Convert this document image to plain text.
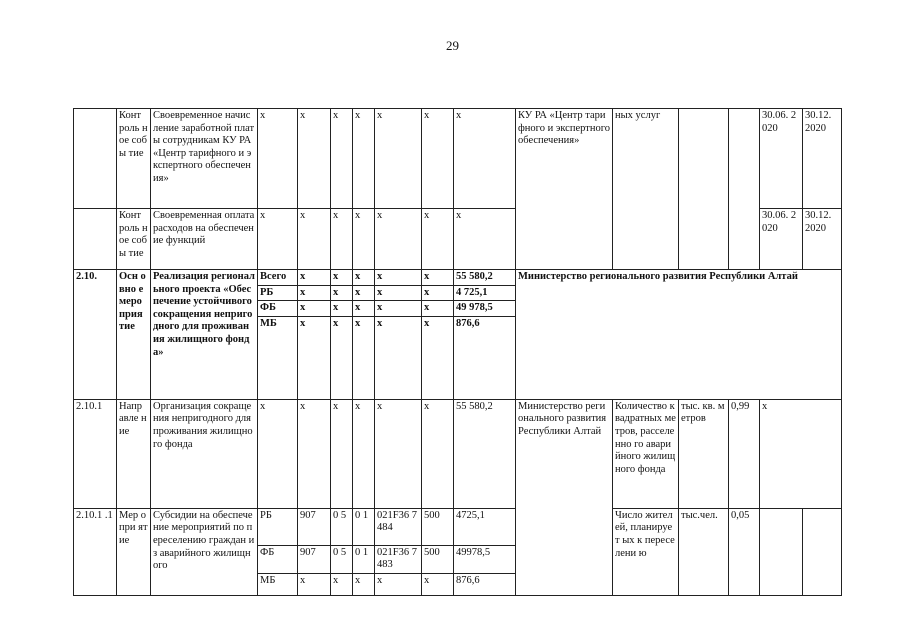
29
	Конт роль ное собы тие	Своевременное начисление заработной платы сотрудникам КУ РА «Центр тарифного и экспертного обеспечения»	х	х	х	х	х	х	х	КУ РА «Центр тарифного и экспертного обеспечения»	ных услуг			30.06. 2020	30.12. 2020
	Конт роль ное собы тие	Своевременная оплата расходов на обеспечение функций	х	х	х	х	х	х	х					30.06. 2020	30.12. 2020
2.10.	Осн овно е меро прия тие	Реализация регионального проекта «Обеспечение устойчивого сокращения непригодного для проживания жилищного фонда»	Всего	х	х	х	х	х	55 580,2	Министерство регионального развития Республики Алтай					
			РБ	х	х	х	х	х	4 725,1						
			ФБ	х	х	х	х	х	49 978,5						
			МБ	х	х	х	х	х	876,6						
2.10.1	Напр авле ние	Организация сокращения непригодного для проживания жилищного фонда	х	х	х	х	х	х	55 580,2	Министерство регионального развития Республики Алтай	Количество квадратных метров, расселенно го аварийного жилищного фонда	тыс. кв. метров	0,99	х	
2.10.1 .1	Мер опри ятие	Субсидии на обеспечение мероприятий по переселению граждан из аварийного жилищного	РБ	907	0 5	0 1	021F36 7484	500	4725,1		Число жителей, планирует ых к переселени ю	тыс.чел.	0,05		
			ФБ	907	0 5	0 1	021F36 7483	500	49978,5						
			МБ	х	х	х	х	х	876,6						
